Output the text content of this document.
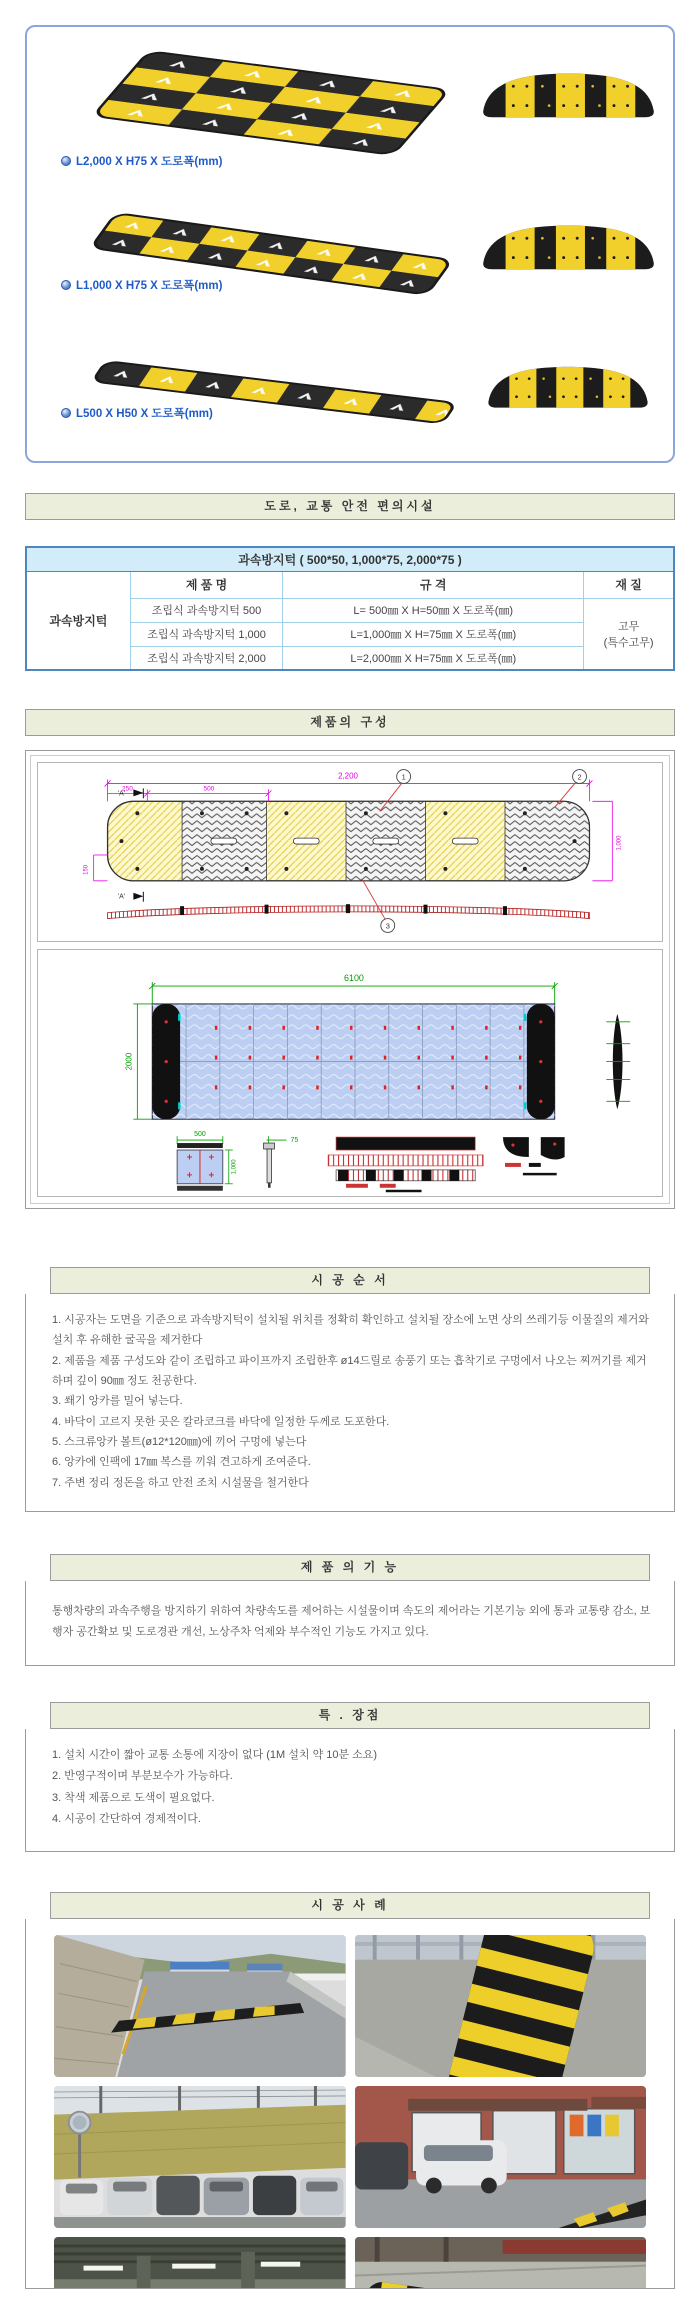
L2,000 X H75 X 도로폭(mm)
L1,000 X H75 X 도로폭(mm)
L500 X H50 X 도로폭(mm)
도로, 교통 안전 편의시설
과속방지턱 ( 500*50, 1,000*75, 2,000*75 )			
과속방지턱	제 품 명	규 격	재 질
	조립식 과속방지턱 500	L= 500㎜ X H=50㎜ X 도로폭(㎜)	고무
(특수고무)

	조립식 과속방지턱 1,000	L=1,000㎜ X H=75㎜ X 도로폭(㎜)	
	조립식 과속방지턱 2,000	L=2,000㎜ X H=75㎜ X 도로폭(㎜)	
제품의 구성
2,200
250	500
150
1,000
'A'
'A'
1	2
3
6100
2000
500
1,000
75
시 공 순 서
1. 시공자는 도면을 기준으로 과속방지턱이 설치될 위치를 정확히 확인하고 설치될 장소에 노면 상의 쓰레기등 이물질의 제거와 설치 후 유해한 굴곡을 제거한다
2. 제품을 제품 구성도와 같이 조립하고 파이프까지 조립한후 ø14드릴로 송풍기 또는 흡착기로 구멍에서 나오는 찌꺼기를 제거하며 깊이 90㎜ 정도 천공한다.
3. 쐐기 앙카를 밀어 넣는다.
4. 바닥이 고르지 못한 곳은 칼라코크를 바닥에 일정한 두께로 도포한다.
5. 스크류앙카 볼트(ø12*120㎜)에 끼어 구멍에 넣는다
6. 앙카에 인팩에 17㎜ 복스를 끼워 견고하게 조여준다.
7. 주변 정리 정돈을 하고 안전 조치 시설물을 철거한다
제 품 의 기 능
통행차량의 과속주행을 방지하기 위하여 차량속도를 제어하는 시설물이며 속도의 제어라는 기본기능 외에 통과 교통량 감소, 보행자 공간확보 및 도로경관 개선, 노상주차 억제와 부수적인 기능도 가지고 있다.
특 . 장점
1. 설치 시간이 짧아 교통 소통에 지장이 없다 (1M 설치 약 10분 소요)
2. 반영구적이며 부분보수가 가능하다.
3. 착색 제품으로 도색이 필요없다.
4. 시공이 간단하여 경제적이다.
시 공 사 례
